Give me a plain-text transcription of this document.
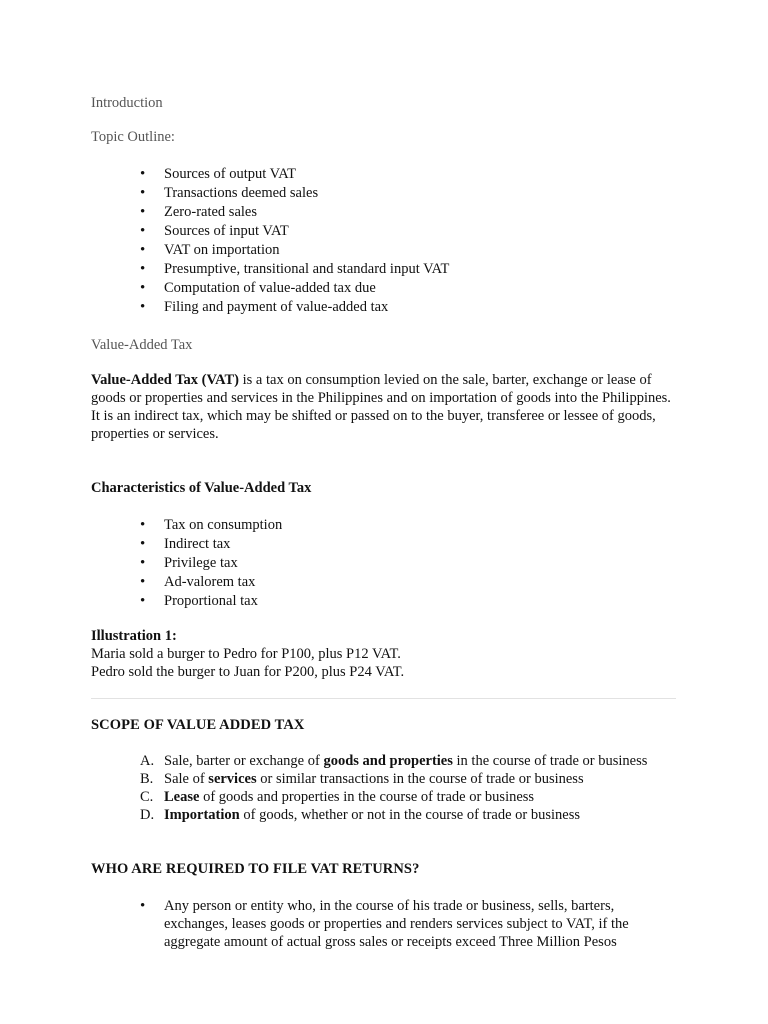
Introduction

Topic Outline:

• Sources of output VAT
• Transactions deemed sales
• Zero-rated sales
• Sources of input VAT
• VAT on importation
• Presumptive, transitional and standard input VAT
• Computation of value-added tax due
• Filing and payment of value-added tax

Value-Added Tax

Value-Added Tax (VAT) is a tax on consumption levied on the sale, barter, exchange or lease of goods or properties and services in the Philippines and on importation of goods into the Philippines. It is an indirect tax, which may be shifted or passed on to the buyer, transferee or lessee of goods, properties or services.

Characteristics of Value-Added Tax

• Tax on consumption
• Indirect tax
• Privilege tax
• Ad-valorem tax
• Proportional tax

Illustration 1:
Maria sold a burger to Pedro for P100, plus P12 VAT.
Pedro sold the burger to Juan for P200, plus P24 VAT.

SCOPE OF VALUE ADDED TAX

A. Sale, barter or exchange of goods and properties in the course of trade or business
B. Sale of services or similar transactions in the course of trade or business
C. Lease of goods and properties in the course of trade or business
D. Importation of goods, whether or not in the course of trade or business

WHO ARE REQUIRED TO FILE VAT RETURNS?

• Any person or entity who, in the course of his trade or business, sells, barters, exchanges, leases goods or properties and renders services subject to VAT, if the aggregate amount of actual gross sales or receipts exceed Three Million Pesos
